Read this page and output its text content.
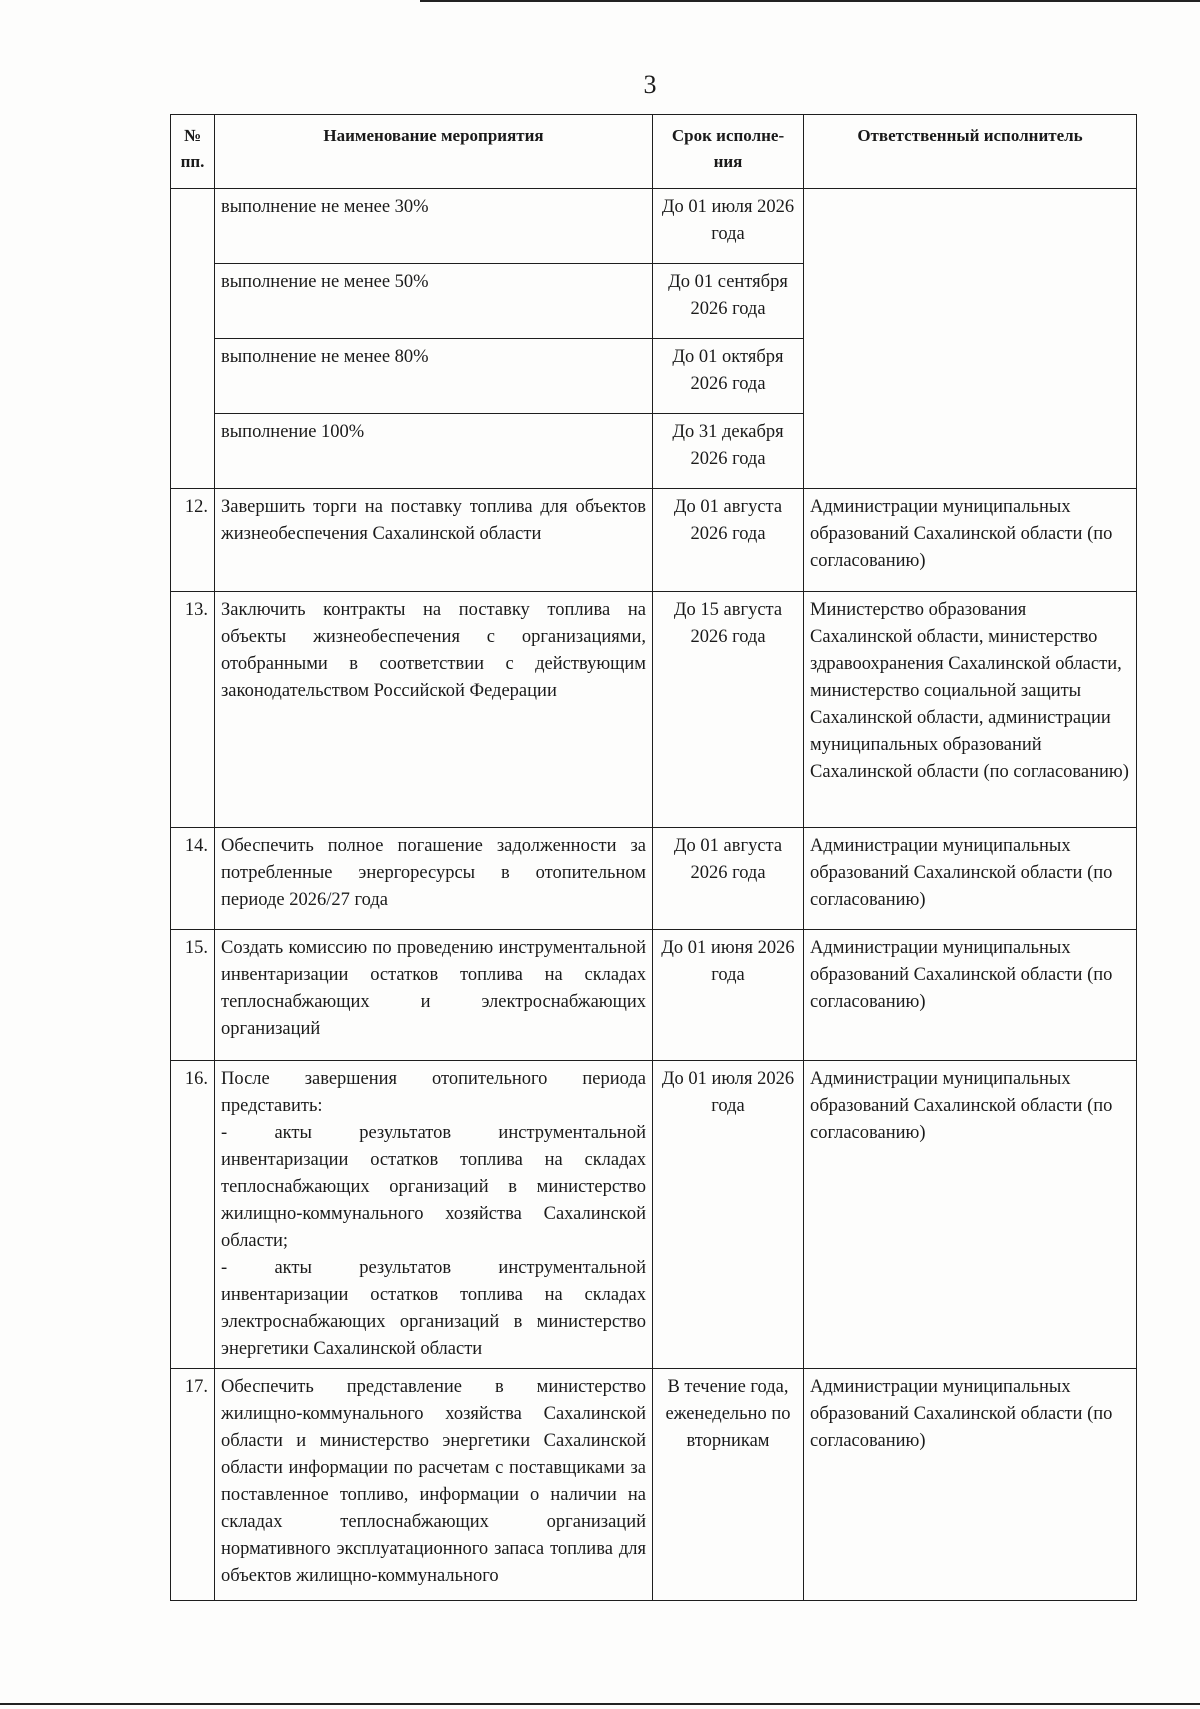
3
№ пп.	Наименование мероприятия	Срок исполне-ния	Ответственный исполнитель
	выполнение не менее 30%	До 01 июля 2026 года	
	выполнение не менее 50%	До 01 сентября 2026 года	
	выполнение не менее 80%	До 01 октября 2026 года	
	выполнение 100%	До 31 декабря 2026 года	
12.	Завершить торги на поставку топлива для объектов жизнеобеспечения Сахалинской области	До 01 августа 2026 года	Администрации муниципальных образований Сахалинской области (по согласованию)
13.	Заключить контракты на поставку топлива на объекты жизнеобеспечения с организациями, отобранными в соответствии с действующим законодательством Российской Федерации	До 15 августа 2026 года	Министерство образования Сахалинской области, министерство здравоохранения Сахалинской области, министерство социальной защиты Сахалинской области, администрации муниципальных образований Сахалинской области (по согласованию)
14.	Обеспечить полное погашение задолженности за потребленные энергоресурсы в отопительном периоде 2026/27 года	До 01 августа 2026 года	Администрации муниципальных образований Сахалинской области (по согласованию)
15.	Создать комиссию по проведению инструментальной инвентаризации остатков топлива на складах теплоснабжающих и электроснабжающих организаций	До 01 июня 2026 года	Администрации муниципальных образований Сахалинской области (по согласованию)
16.	После завершения отопительного периода представить:
- акты результатов инструментальной инвентаризации остатков топлива на складах теплоснабжающих организаций в министерство жилищно-коммунального хозяйства Сахалинской области;
- акты результатов инструментальной инвентаризации остатков топлива на складах электроснабжающих организаций в министерство энергетики Сахалинской области	До 01 июля 2026 года	Администрации муниципальных образований Сахалинской области (по согласованию)
17.	Обеспечить представление в министерство жилищно-коммунального хозяйства Сахалинской области и министерство энергетики Сахалинской области информации по расчетам с поставщиками за поставленное топливо, информации о наличии на складах теплоснабжающих организаций нормативного эксплуатационного запаса топлива для объектов жилищно-коммунального	В течение года, еженедельно по вторникам	Администрации муниципальных образований Сахалинской области (по согласованию)
